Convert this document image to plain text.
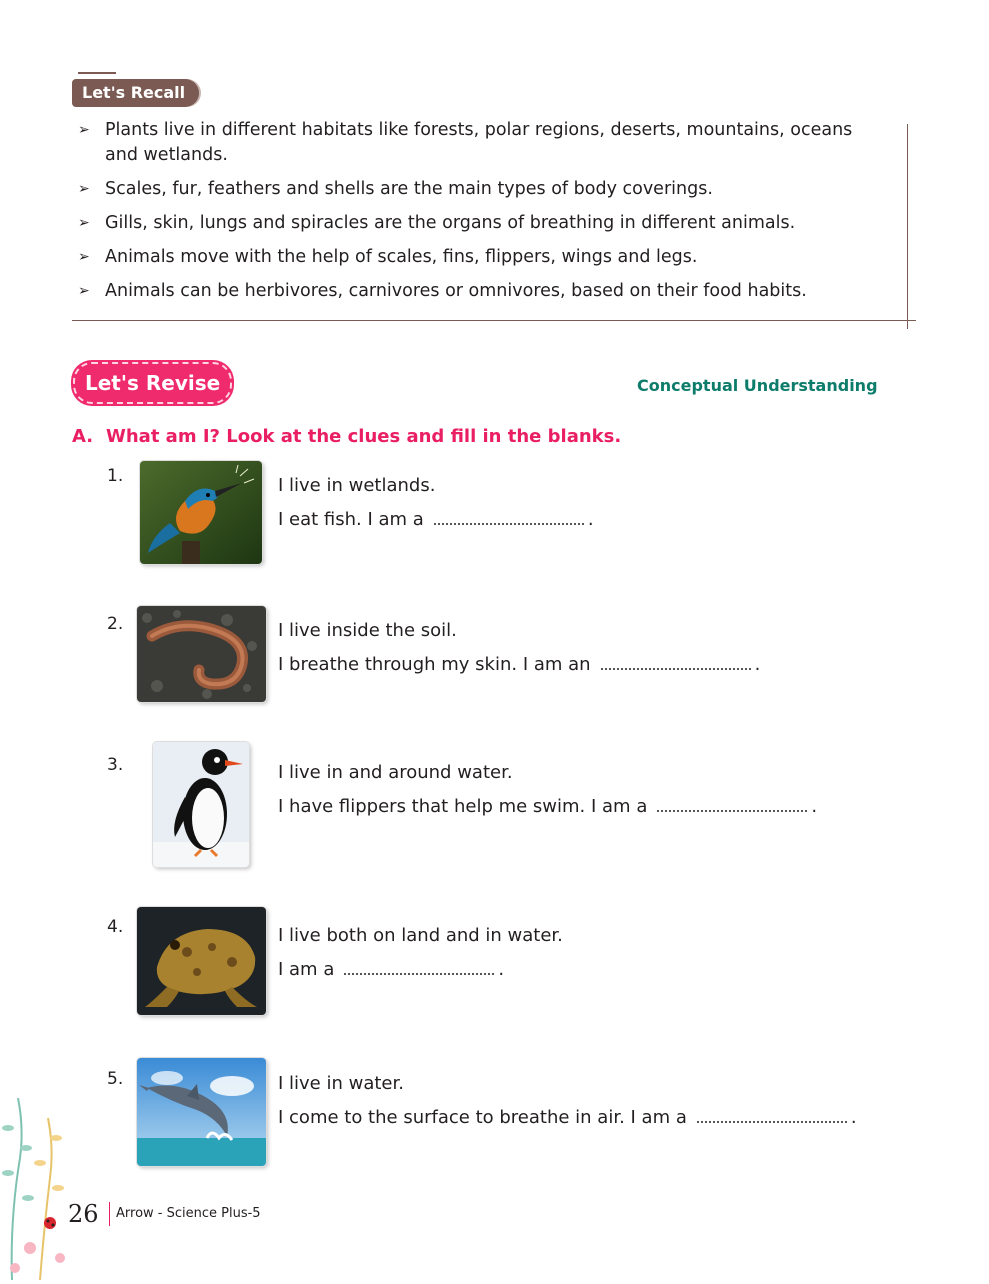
Let's Recall
➢ Plants live in different habitats like forests, polar regions, deserts, mountains, oceans and wetlands.
➢ Scales, fur, feathers and shells are the main types of body coverings.
➢ Gills, skin, lungs and spiracles are the organs of breathing in different animals.
➢ Animals move with the help of scales, fins, flippers, wings and legs.
➢ Animals can be herbivores, carnivores or omnivores, based on their food habits.
Let's Revise	Conceptual Understanding
A. What am I? Look at the clues and fill in the blanks.
1.	I live in wetlands.
I eat fish. I am a	.
2.	I live inside the soil.
I breathe through my skin. I am an	.
3.	I live in and around water.
I have flippers that help me swim. I am a	.
4.	I live both on land and in water.
I am a	.
5.	I live in water.
I come to the surface to breathe in air. I am a	.
26 Arrow - Science Plus-5
